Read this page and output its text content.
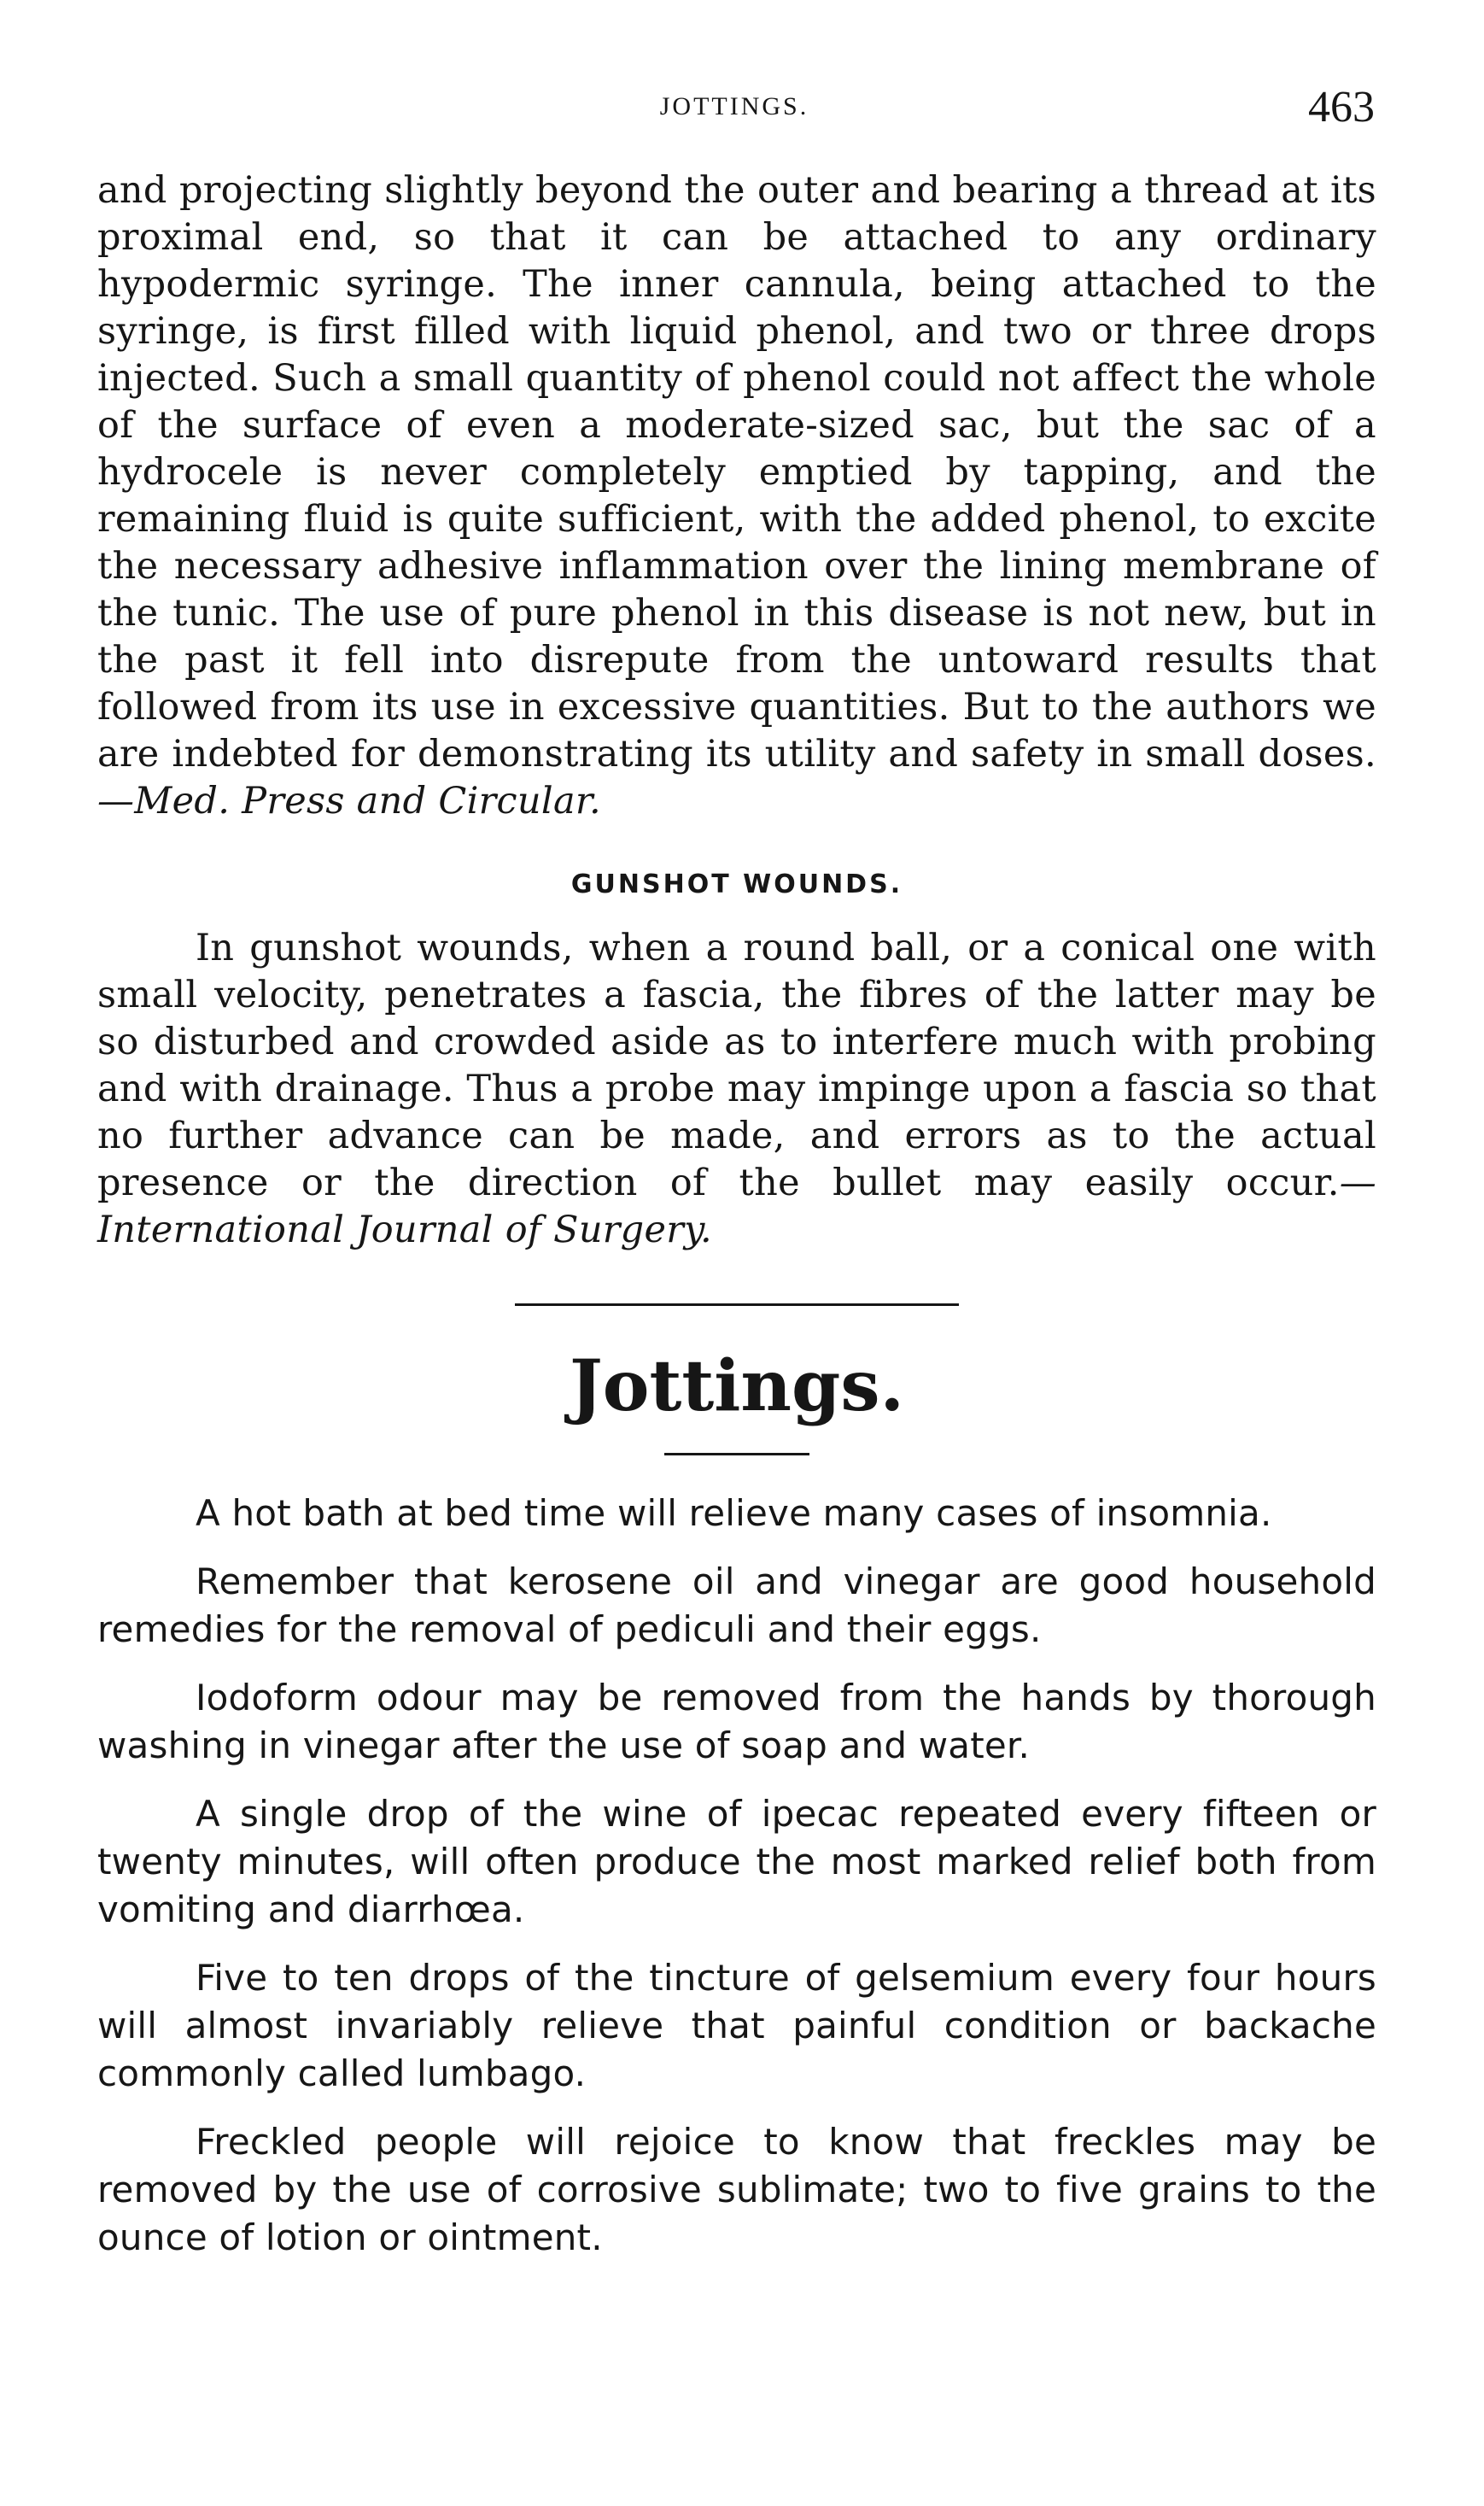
JOTTINGS.	463

and projecting slightly beyond the outer and bearing a thread at its proximal end, so that it can be attached to any ordinary hypodermic syringe. The inner cannula, being attached to the syringe, is first filled with liquid phenol, and two or three drops injected. Such a small quantity of phenol could not affect the whole of the surface of even a moderate-sized sac, but the sac of a hydrocele is never completely emptied by tapping, and the remaining fluid is quite sufficient, with the added phenol, to excite the necessary adhesive inflammation over the lining membrane of the tunic. The use of pure phenol in this disease is not new, but in the past it fell into disrepute from the untoward results that followed from its use in excessive quantities. But to the authors we are indebted for demonstrating its utility and safety in small doses.—Med. Press and Circular.

GUNSHOT WOUNDS.

In gunshot wounds, when a round ball, or a conical one with small velocity, penetrates a fascia, the fibres of the latter may be so disturbed and crowded aside as to interfere much with probing and with drainage. Thus a probe may impinge upon a fascia so that no further advance can be made, and errors as to the actual presence or the direction of the bullet may easily occur.—International Journal of Surgery.

Jottings.

A hot bath at bed time will relieve many cases of insomnia.

Remember that kerosene oil and vinegar are good household remedies for the removal of pediculi and their eggs.

Iodoform odour may be removed from the hands by thorough washing in vinegar after the use of soap and water.

A single drop of the wine of ipecac repeated every fifteen or twenty minutes, will often produce the most marked relief both from vomiting and diarrhœa.

Five to ten drops of the tincture of gelsemium every four hours will almost invariably relieve that painful condition or backache commonly called lumbago.

Freckled people will rejoice to know that freckles may be removed by the use of corrosive sublimate; two to five grains to the ounce of lotion or ointment.
